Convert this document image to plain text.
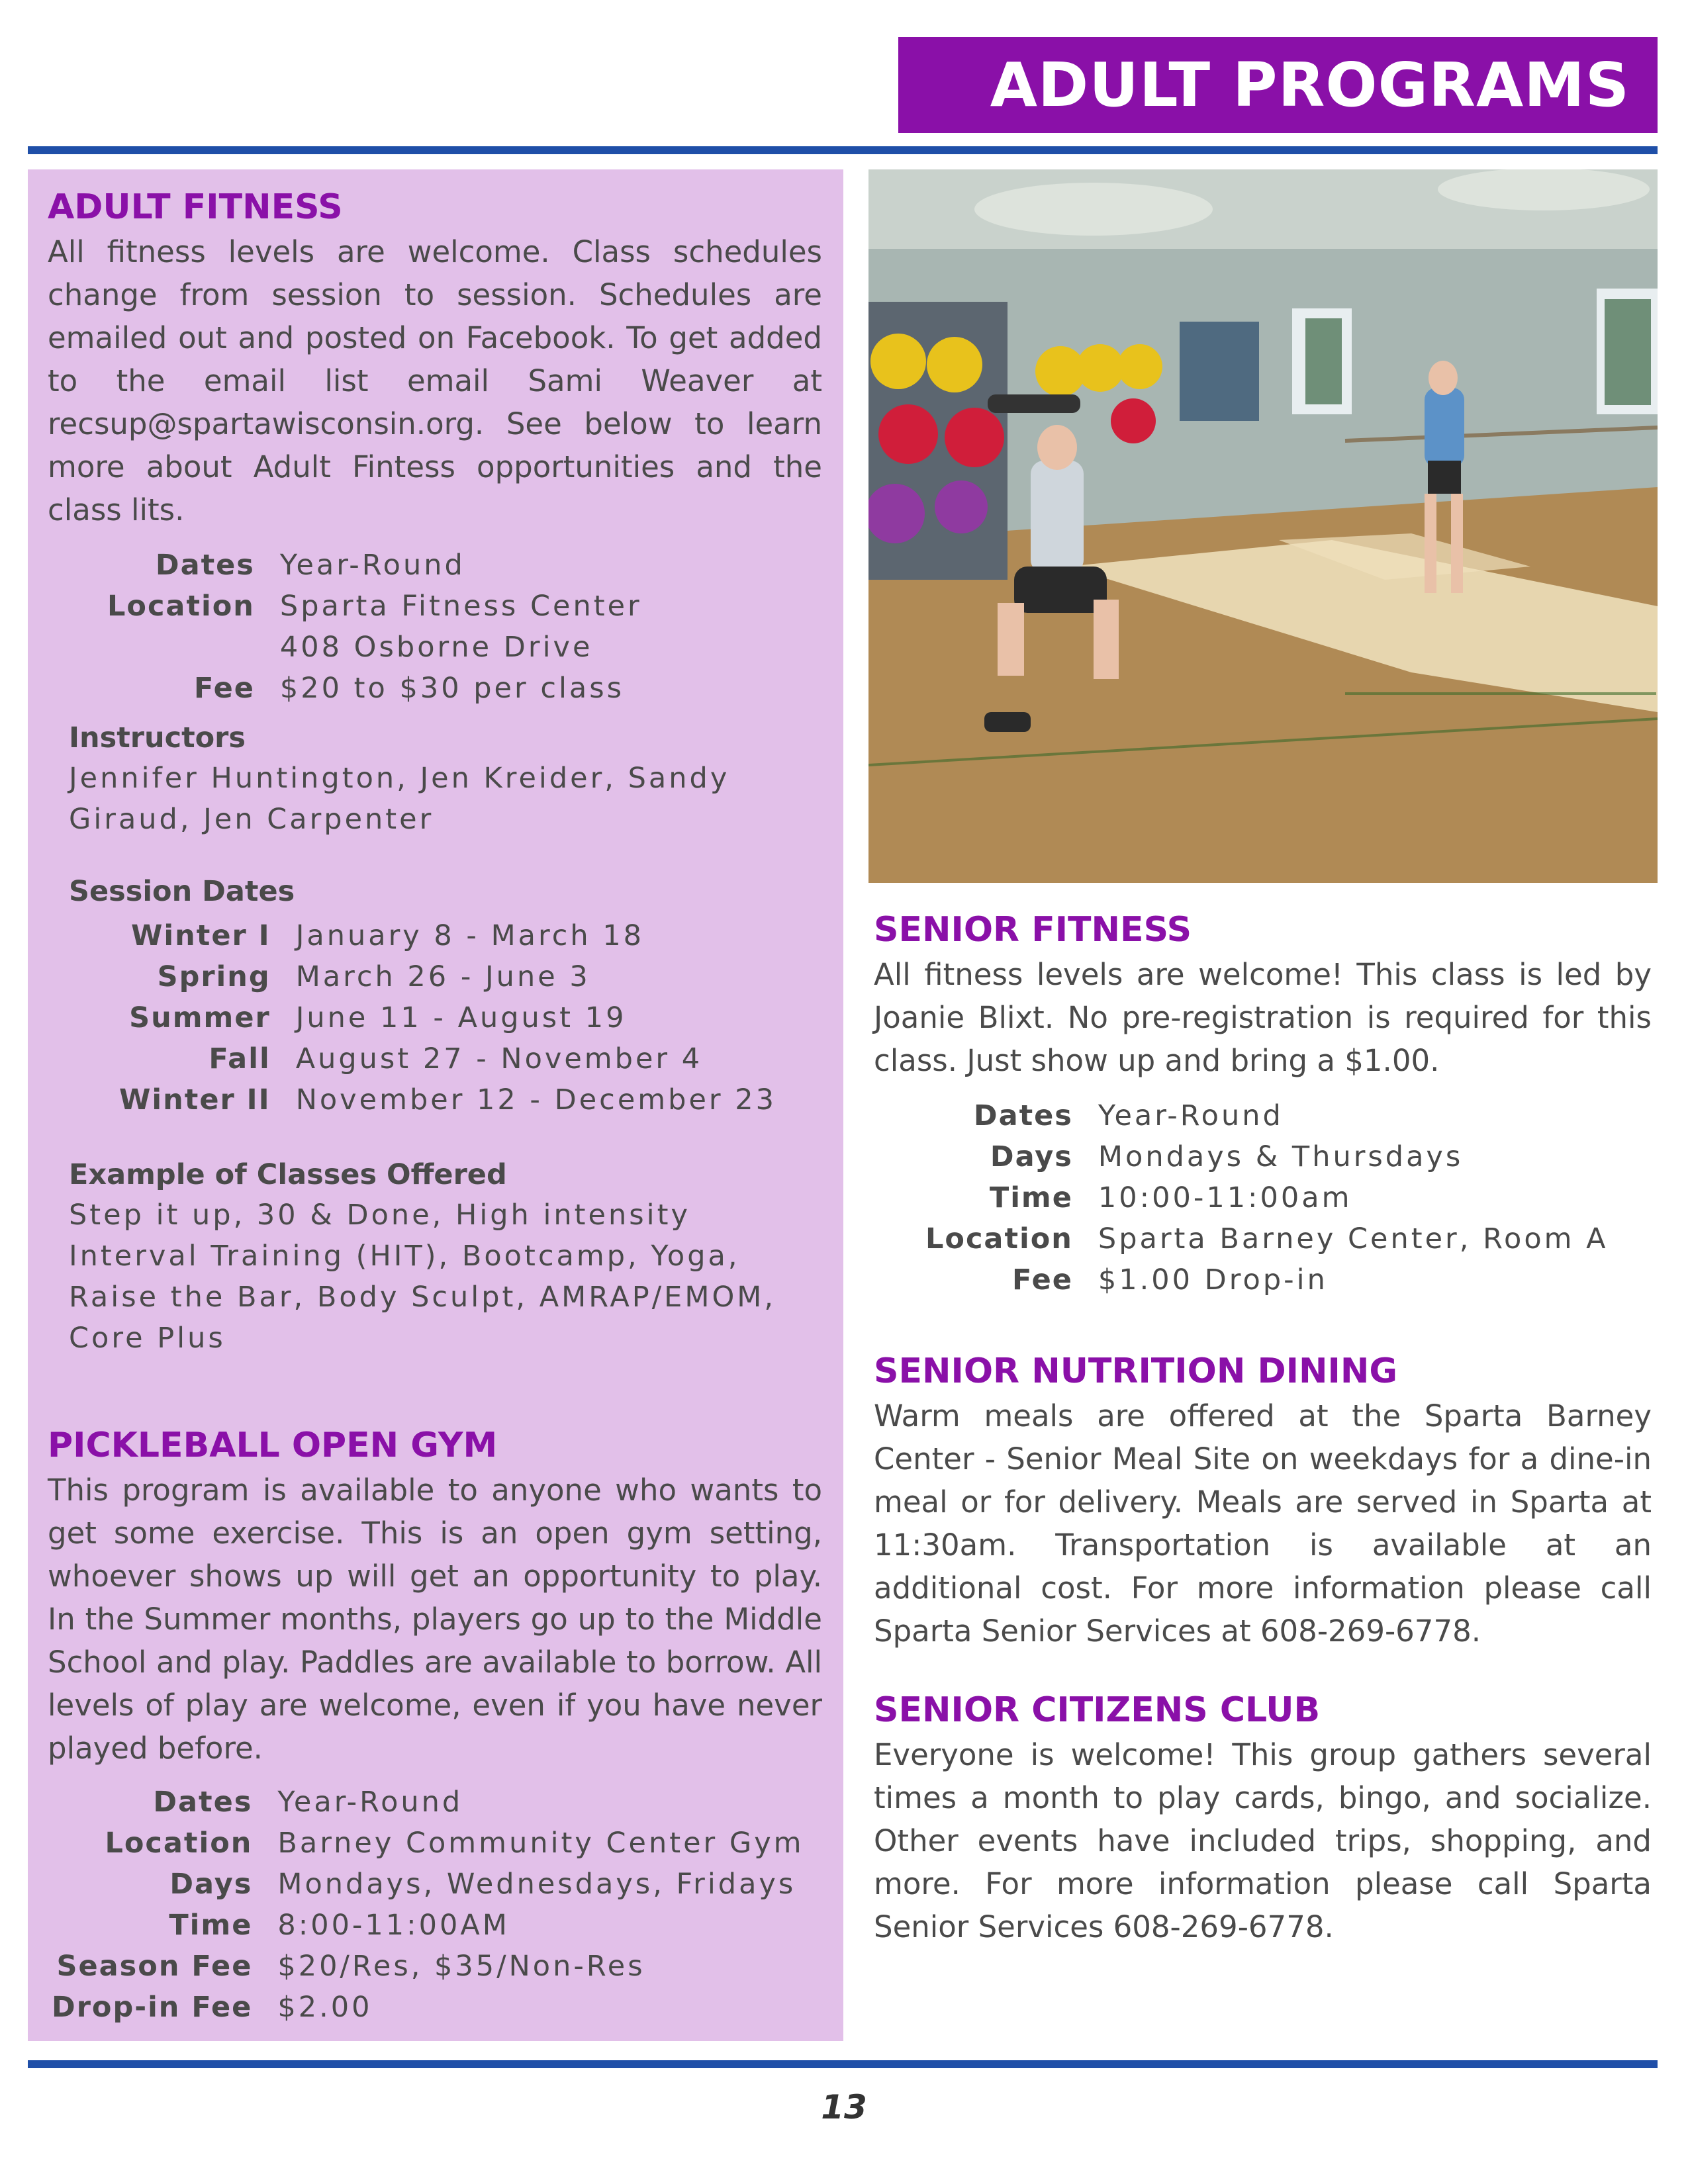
ADULT PROGRAMS
ADULT FITNESS

All fitness levels are welcome. Class schedules change from session to session. Schedules are emailed out and posted on Facebook. To get added to the email list email Sami Weaver at recsup@spartawisconsin.org. See below to learn more about Adult Fintess opportunities and the class lits.

Dates	Year-Round
Location	Sparta Fitness Center
	408 Osborne Drive
Fee	$20 to $30 per class

Instructors

Jennifer Huntington, Jen Kreider, Sandy Giraud, Jen Carpenter

Session Dates

Winter I	January 8 - March 18
Spring	March 26 - June 3
Summer	June 11 - August 19
Fall	August 27 - November 4
Winter II	November 12 - December 23

Example of Classes Offered

Step it up, 30 & Done, High intensity Interval Training (HIT), Bootcamp, Yoga, Raise the Bar, Body Sculpt, AMRAP/EMOM, Core Plus

PICKLEBALL OPEN GYM

This program is available to anyone who wants to get some exercise. This is an open gym setting, whoever shows up will get an opportunity to play. In the Summer months, players go up to the Middle School and play. Paddles are available to borrow. All levels of play are welcome, even if you have never played before.

Dates	Year-Round
Location	Barney Community Center Gym
Days	Mondays, Wednesdays, Fridays
Time	8:00-11:00AM
Season Fee	$20/Res, $35/Non-Res
Drop-in Fee	$2.00
SENIOR FITNESS

All fitness levels are welcome! This class is led by Joanie Blixt. No pre-registration is required for this class. Just show up and bring a $1.00.

Dates	Year-Round
Days	Mondays & Thursdays
Time	10:00-11:00am
Location	Sparta Barney Center, Room A
Fee	$1.00 Drop-in
SENIOR NUTRITION DINING

Warm meals are offered at the Sparta Barney Center - Senior Meal Site on weekdays for a dine-in meal or for delivery. Meals are served in Sparta at 11:30am. Transportation is available at an additional cost. For more information please call Sparta Senior Services at 608-269-6778.

SENIOR CITIZENS CLUB

Everyone is welcome! This group gathers several times a month to play cards, bingo, and socialize. Other events have included trips, shopping, and more. For more information please call Sparta Senior Services 608-269-6778.

13
